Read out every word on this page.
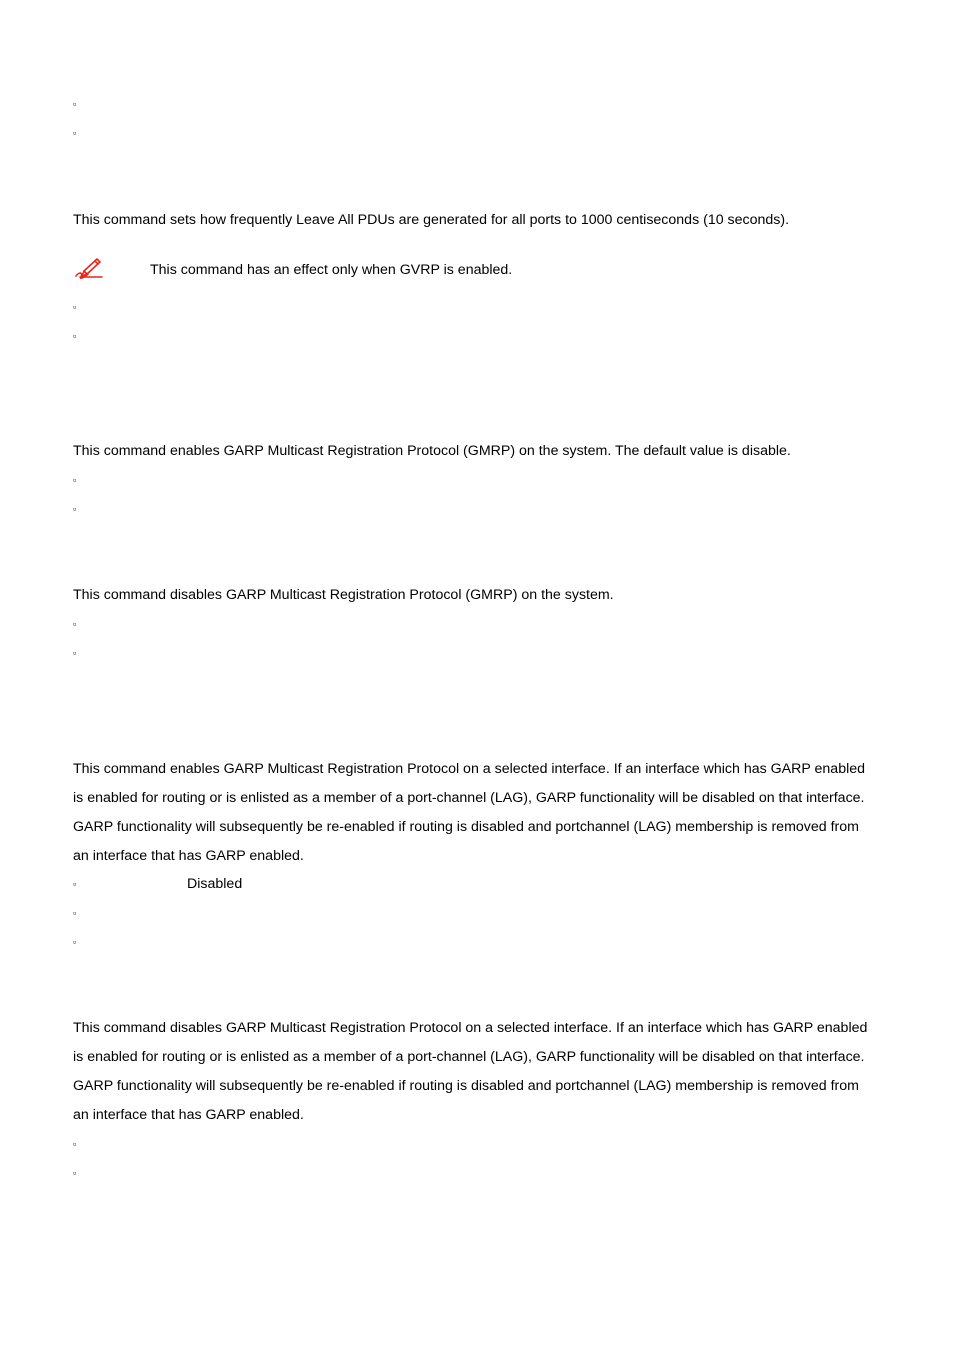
▫
▫
This command sets how frequently Leave All PDUs are generated for all ports to 1000 centiseconds (10 seconds).
This command has an effect only when GVRP is enabled.
▫
▫
This command enables GARP Multicast Registration Protocol (GMRP) on the system. The default value is disable.
▫
▫
This command disables GARP Multicast Registration Protocol (GMRP) on the system.
▫
▫
This command enables GARP Multicast Registration Protocol on a selected interface. If an interface which has GARP enabled
is enabled for routing or is enlisted as a member of a port-channel (LAG), GARP functionality will be disabled on that interface.
GARP functionality will subsequently be re-enabled if routing is disabled and portchannel (LAG) membership is removed from
an interface that has GARP enabled.
▫	Disabled
▫
▫
This command disables GARP Multicast Registration Protocol on a selected interface. If an interface which has GARP enabled
is enabled for routing or is enlisted as a member of a port-channel (LAG), GARP functionality will be disabled on that interface.
GARP functionality will subsequently be re-enabled if routing is disabled and portchannel (LAG) membership is removed from
an interface that has GARP enabled.
▫
▫
